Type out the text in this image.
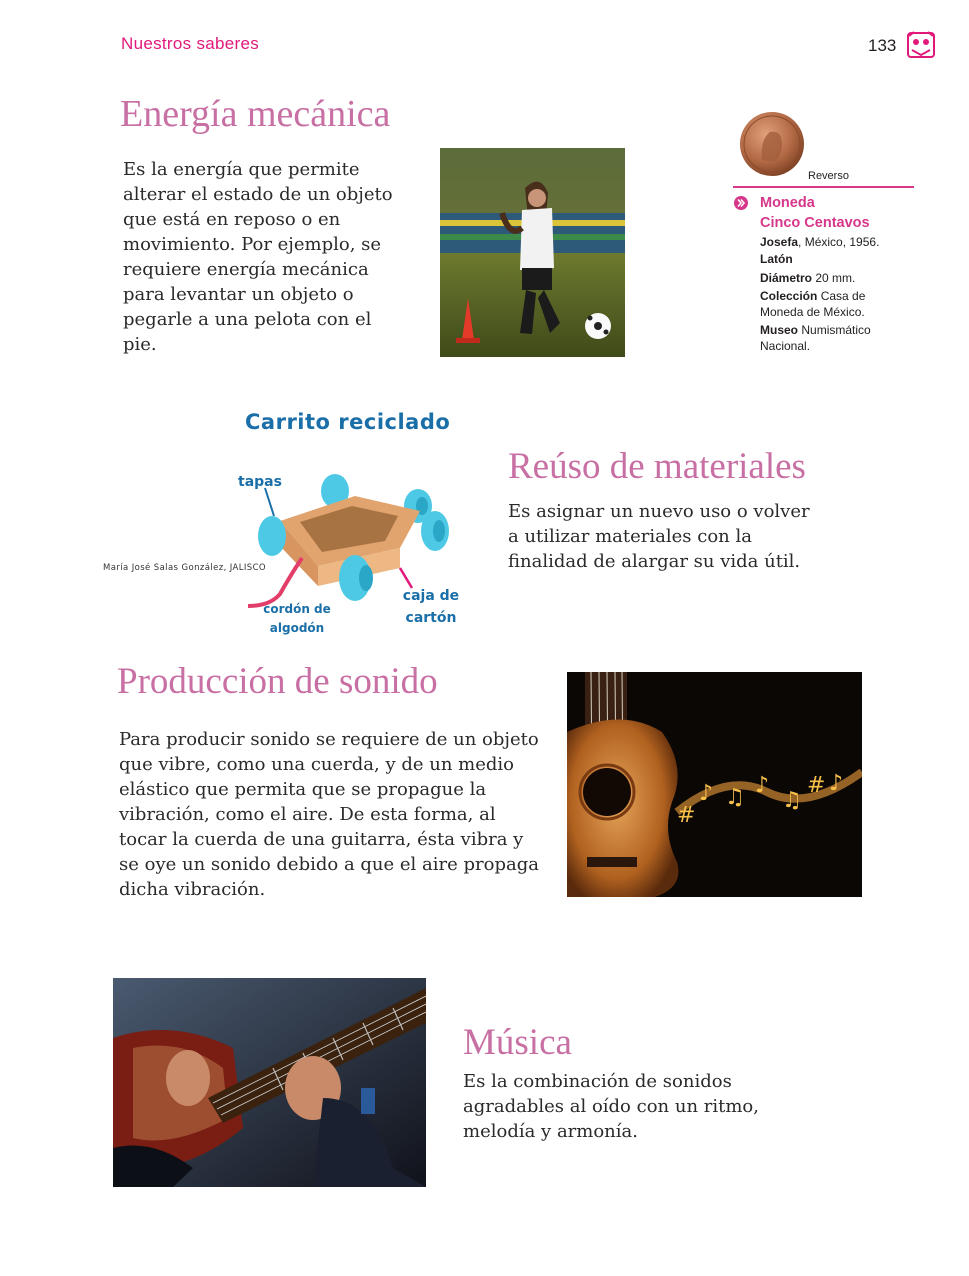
Nuestros saberes	133
Energía mecánica

Es la energía que permite alterar el estado de un objeto que está en reposo o en movimiento. Por ejemplo, se requiere energía mecánica para levantar un objeto o pegarle a una pelota con el pie.

Reverso
Moneda
Cinco Centavos
Josefa, México, 1956.
Latón
Diámetro 20 mm.
Colección Casa de
Moneda de México.
Museo Numismático
Nacional.
Carrito reciclado
tapas
María José Salas González, JALISCO
cordón de
algodón
caja de
cartón
Reúso de materiales

Es asignar un nuevo uso o volver a utilizar materiales con la finalidad de alargar su vida útil.

Producción de sonido

Para producir sonido se requiere de un objeto que vibre, como una cuerda, y de un medio elástico que permita que se propague la vibración, como el aire. De esta forma, al tocar la cuerda de una guitarra, ésta vibra y se oye un sonido debido a que el aire propaga dicha vibración.

#
♪ ♫ ♪
♫
# ♪
Música

Es la combinación de sonidos agradables al oído con un ritmo, melodía y armonía.
